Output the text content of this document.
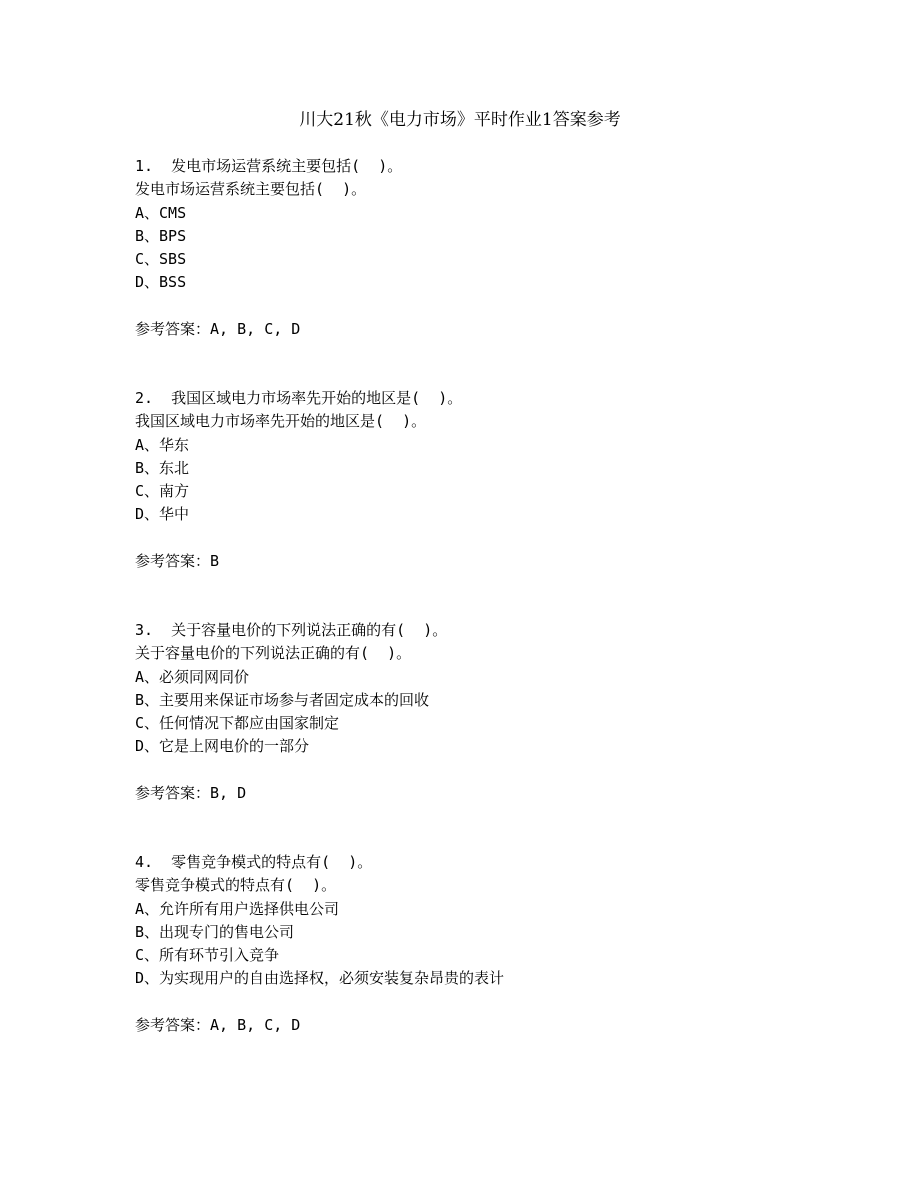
川大21秋《电力市场》平时作业1答案参考
1.  发电市场运营系统主要包括(  )。
发电市场运营系统主要包括(  )。
A、CMS
B、BPS
C、SBS
D、BSS
参考答案：A, B, C, D
2.  我国区域电力市场率先开始的地区是(  )。
我国区域电力市场率先开始的地区是(  )。
A、华东
B、东北
C、南方
D、华中
参考答案：B
3.  关于容量电价的下列说法正确的有(  )。
关于容量电价的下列说法正确的有(  )。
A、必须同网同价
B、主要用来保证市场参与者固定成本的回收
C、任何情况下都应由国家制定
D、它是上网电价的一部分
参考答案：B, D
4.  零售竞争模式的特点有(  )。
零售竞争模式的特点有(  )。
A、允许所有用户选择供电公司
B、出现专门的售电公司
C、所有环节引入竞争
D、为实现用户的自由选择权，必须安装复杂昂贵的表计
参考答案：A, B, C, D
